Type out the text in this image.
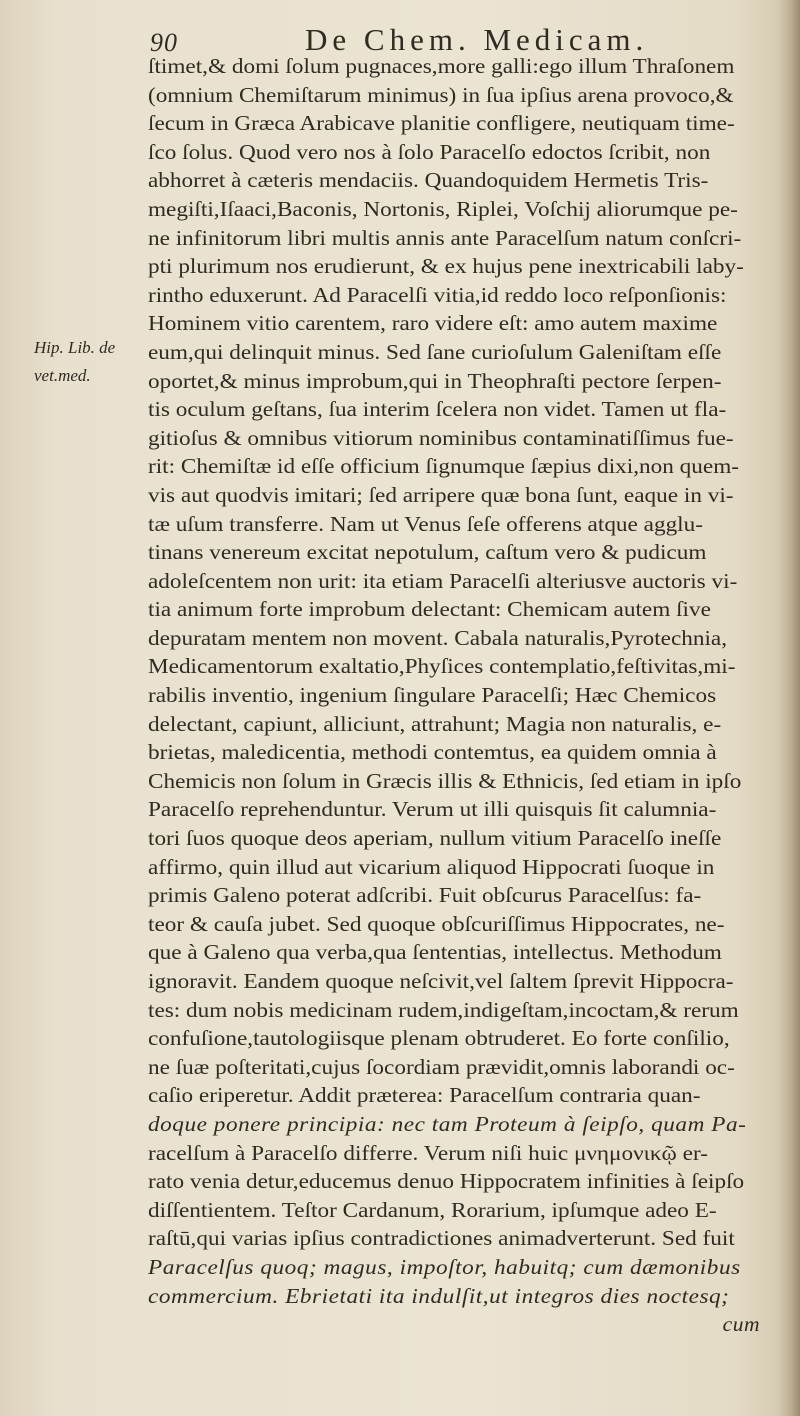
90	De Chem. Medicam.
Hip. Lib. de
vet.med.
ſtimet,& domi ſolum pugnaces,more galli:ego illum Thraſonem
(omnium Chemiſtarum minimus) in ſua ipſius arena provoco,&
ſecum in Græca Arabicave planitie confligere, neutiquam time-
ſco ſolus. Quod vero nos à ſolo Paracelſo edoctos ſcribit, non
abhorret à cæteris mendaciis. Quandoquidem Hermetis Tris-
megiſti,Iſaaci,Baconis, Nortonis, Riplei, Voſchij aliorumque pe-
ne infinitorum libri multis annis ante Paracelſum natum conſcri-
pti plurimum nos erudierunt, & ex hujus pene inextricabili laby-
rintho eduxerunt. Ad Paracelſi vitia,id reddo loco reſponſionis:
Hominem vitio carentem, raro videre eſt: amo autem maxime
eum,qui delinquit minus. Sed ſane curioſulum Galeniſtam eſſe
oportet,& minus improbum,qui in Theophraſti pectore ſerpen-
tis oculum geſtans, ſua interim ſcelera non videt. Tamen ut fla-
gitioſus & omnibus vitiorum nominibus contaminatiſſimus fue-
rit: Chemiſtæ id eſſe officium ſignumque ſæpius dixi,non quem-
vis aut quodvis imitari; ſed arripere quæ bona ſunt, eaque in vi-
tæ uſum transferre. Nam ut Venus ſeſe offerens atque agglu-
tinans venereum excitat nepotulum, caſtum vero & pudicum
adoleſcentem non urit: ita etiam Paracelſi alteriusve auctoris vi-
tia animum forte improbum delectant: Chemicam autem ſive
depuratam mentem non movent. Cabala naturalis,Pyrotechnia,
Medicamentorum exaltatio,Phyſices contemplatio,feſtivitas,mi-
rabilis inventio, ingenium ſingulare Paracelſi; Hæc Chemicos
delectant, capiunt, alliciunt, attrahunt; Magia non naturalis, e-
brietas, maledicentia, methodi contemtus, ea quidem omnia à
Chemicis non ſolum in Græcis illis & Ethnicis, ſed etiam in ipſo
Paracelſo reprehenduntur. Verum ut illi quisquis ſit calumnia-
tori ſuos quoque deos aperiam, nullum vitium Paracelſo ineſſe
affirmo, quin illud aut vicarium aliquod Hippocrati ſuoque in
primis Galeno poterat adſcribi. Fuit obſcurus Paracelſus: fa-
teor & cauſa jubet. Sed quoque obſcuriſſimus Hippocrates, ne-
que à Galeno qua verba,qua ſententias, intellectus. Methodum
ignoravit. Eandem quoque neſcivit,vel ſaltem ſprevit Hippocra-
tes: dum nobis medicinam rudem,indigeſtam,incoctam,& rerum
confuſione,tautologiisque plenam obtruderet. Eo forte conſilio,
ne ſuæ poſteritati,cujus ſocordiam prævidit,omnis laborandi oc-
caſio eriperetur. Addit præterea: Paracelſum contraria quan-
doque ponere principia: nec tam Proteum à ſeipſo, quam Pa-
racelſum à Paracelſo differre. Verum niſi huic μνημονικῷ er-
rato venia detur,educemus denuo Hippocratem infinities à ſeipſo
diſſentientem. Teſtor Cardanum, Rorarium, ipſumque adeo E-
raſtū,qui varias ipſius contradictiones animadverterunt. Sed fuit
Paracelſus quoq; magus, impoſtor, habuitq; cum dæmonibus
commercium. Ebrietati ita indulſit,ut integros dies noctesq;
cum
